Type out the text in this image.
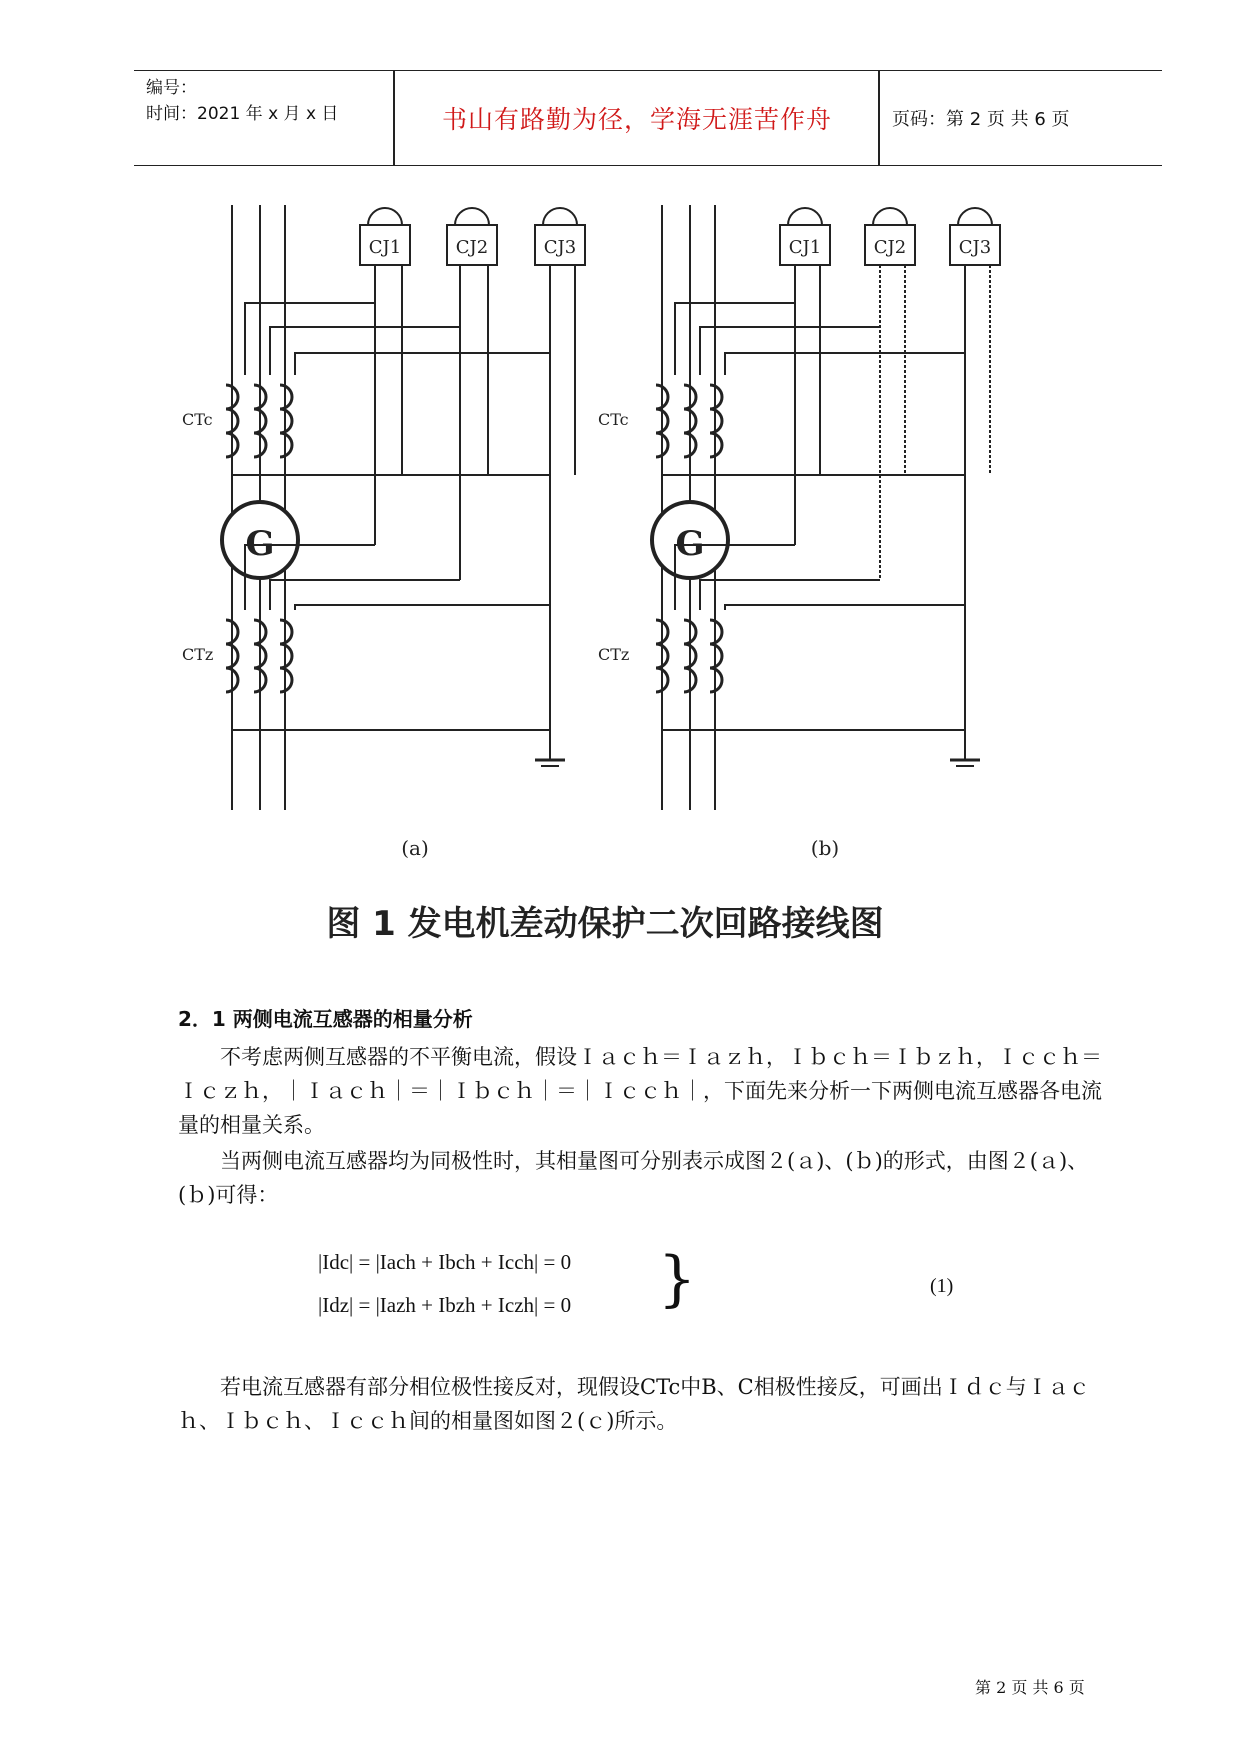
编号：
时间：2021 年 x 月 x 日	书山有路勤为径，学海无涯苦作舟	页码：第 2 页 共 6 页
G	G
CJ1	CJ2	CJ3	CJ1	CJ2	CJ3
CTc
CTz
CTc
CTz
(a)	(b)
图 1 发电机差动保护二次回路接线图
2．1 两侧电流互感器的相量分析
不考虑两侧互感器的不平衡电流，假设Ｉａｃｈ＝Ｉａｚｈ，Ｉｂｃｈ＝Ｉｂｚｈ，Ｉｃｃｈ＝Ｉｃｚｈ，｜Ｉａｃｈ｜＝｜Ｉｂｃｈ｜＝｜Ｉｃｃｈ｜，下面先来分析一下两侧电流互感器各电流量的相量关系。
当两侧电流互感器均为同极性时，其相量图可分别表示成图２(ａ)、(ｂ)的形式，由图２(ａ)、(ｂ)可得：
|Idc| = |Iach + Ibch + Icch| = 0
|Idz| = |Iazh + Ibzh + Iczh| = 0 }	(1)
若电流互感器有部分相位极性接反对，现假设CTc中B、C相极性接反，可画出Ｉｄｃ与Ｉａｃｈ、Ｉｂｃｈ、Ｉｃｃｈ间的相量图如图２(ｃ)所示。
第 2 页 共 6 页
